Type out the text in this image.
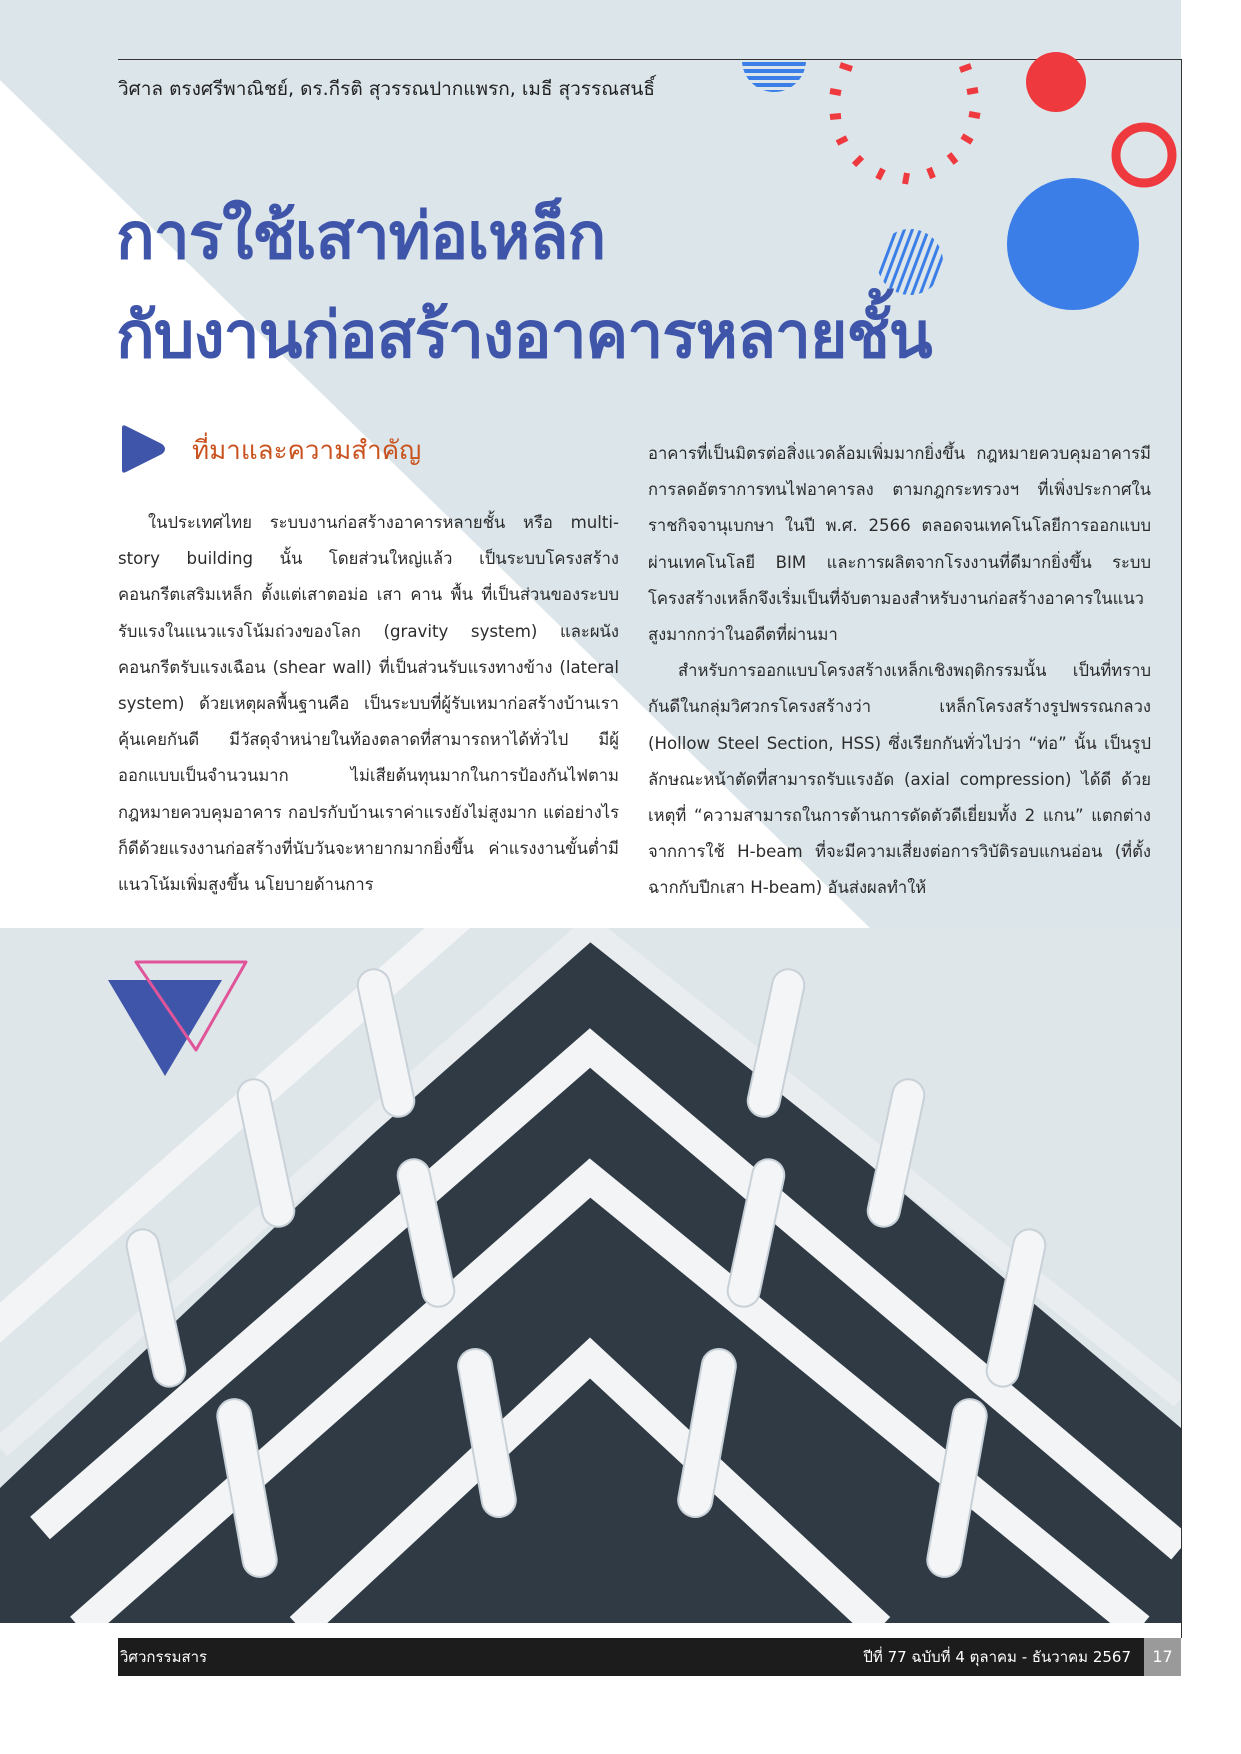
วิศาล ตรงศรีพาณิชย์, ดร.กีรติ สุวรรณปากแพรก, เมธี สุวรรณสนธิ์
การใช้เสาท่อเหล็ก
กับงานก่อสร้างอาคารหลายชั้น
ที่มาและความสำคัญ

ในประเทศไทย ระบบงานก่อสร้างอาคารหลายชั้น หรือ multi-story building นั้น โดยส่วนใหญ่แล้ว เป็นระบบโครงสร้างคอนกรีตเสริมเหล็ก ตั้งแต่เสาตอม่อ เสา คาน พื้น ที่เป็นส่วนของระบบรับแรงในแนวแรงโน้มถ่วงของโลก (gravity system) และผนังคอนกรีตรับแรงเฉือน (shear wall) ที่เป็นส่วนรับแรงทางข้าง (lateral system) ด้วยเหตุผลพื้นฐานคือ เป็นระบบที่ผู้รับเหมาก่อสร้างบ้านเราคุ้นเคยกันดี มีวัสดุจำหน่ายในท้องตลาดที่สามารถหาได้ทั่วไป มีผู้ออกแบบเป็นจำนวนมาก ไม่เสียต้นทุนมากในการป้องกันไฟตามกฎหมายควบคุมอาคาร กอปรกับบ้านเราค่าแรงยังไม่สูงมาก แต่อย่างไรก็ดีด้วยแรงงานก่อสร้างที่นับวันจะหายากมากยิ่งขึ้น ค่าแรงงานขั้นต่ำมีแนวโน้มเพิ่มสูงขึ้น นโยบายด้านการ

อาคารที่เป็นมิตรต่อสิ่งแวดล้อมเพิ่มมากยิ่งขึ้น กฎหมายควบคุมอาคารมีการลดอัตราการทนไฟอาคารลง ตามกฎกระทรวงฯ ที่เพิ่งประกาศในราชกิจจานุเบกษา ในปี พ.ศ. 2566 ตลอดจนเทคโนโลยีการออกแบบผ่านเทคโนโลยี BIM และการผลิตจากโรงงานที่ดีมากยิ่งขึ้น ระบบโครงสร้างเหล็กจึงเริ่มเป็นที่จับตามองสำหรับงานก่อสร้างอาคารในแนวสูงมากกว่าในอดีตที่ผ่านมา

สำหรับการออกแบบโครงสร้างเหล็กเชิงพฤติกรรมนั้น เป็นที่ทราบกันดีในกลุ่มวิศวกรโครงสร้างว่า เหล็กโครงสร้างรูปพรรณกลวง (Hollow Steel Section, HSS) ซึ่งเรียกกันทั่วไปว่า “ท่อ” นั้น เป็นรูปลักษณะหน้าตัดที่สามารถรับแรงอัด (axial compression) ได้ดี ด้วยเหตุที่ “ความสามารถในการต้านการดัดตัวดีเยี่ยมทั้ง 2 แกน” แตกต่างจากการใช้ H-beam ที่จะมีความเสี่ยงต่อการวิบัติรอบแกนอ่อน (ที่ตั้งฉากกับปีกเสา H-beam) อันส่งผลทำให้

วิศวกรรมสาร	ปีที่ 77 ฉบับที่ 4 ตุลาคม - ธันวาคม 2567	17
